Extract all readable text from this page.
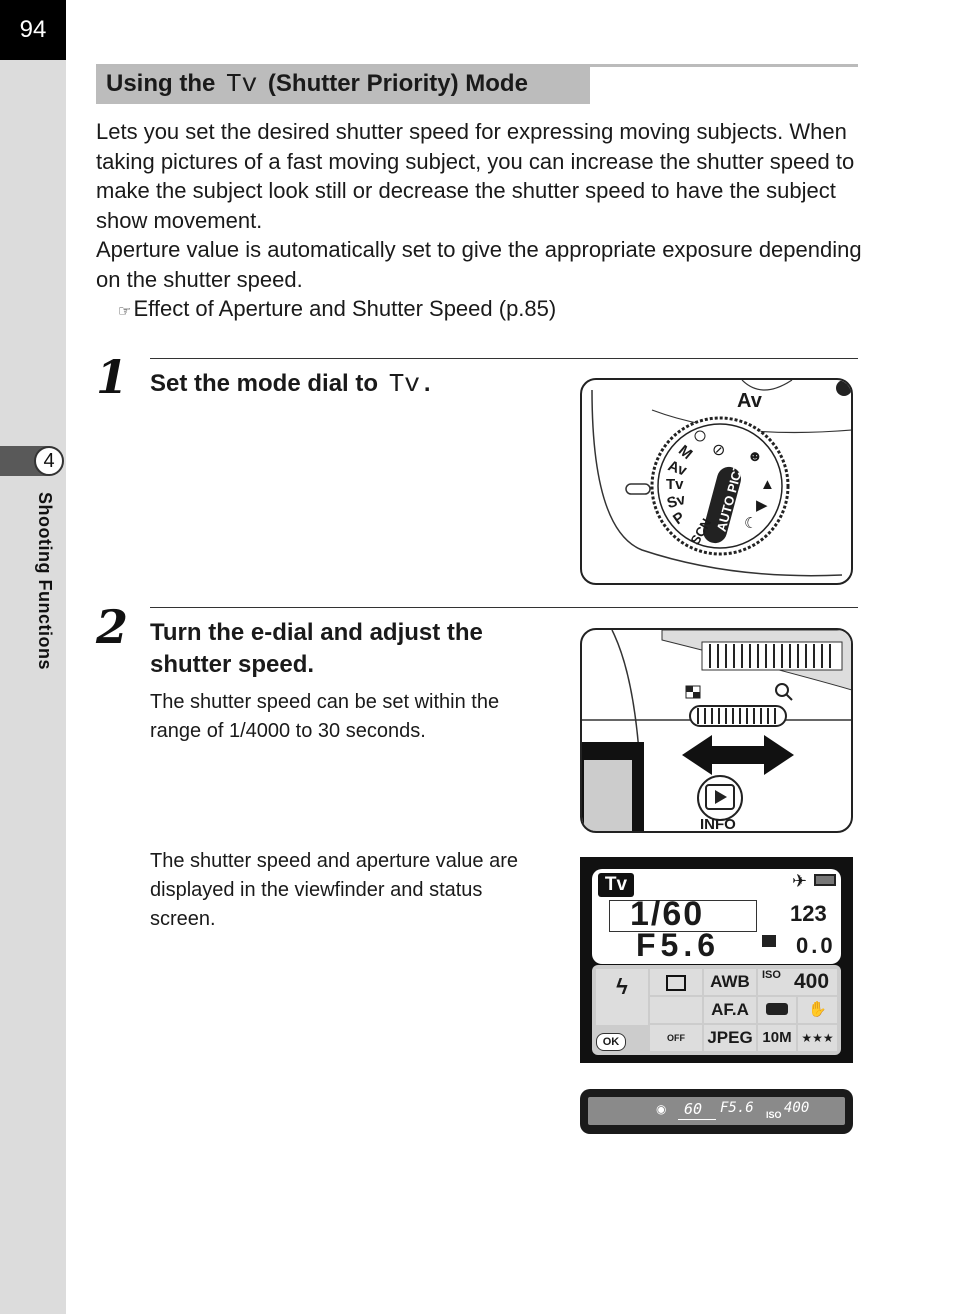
94
4
Shooting Functions
Using the Tv (Shutter Priority) Mode

Lets you set the desired shutter speed for expressing moving subjects. When taking pictures of a fast moving subject, you can increase the shutter speed to make the subject look still or decrease the shutter speed to have the subject show movement.

Aperture value is automatically set to give the appropriate exposure depending on the shutter speed.

☞Effect of Aperture and Shutter Speed (p.85)

1 Set the mode dial to Tv .
Av
M
Av
Tv
Sv
P SCN AUTO PICT
⊘ ☻
▲
▶
☾
2 Turn the e-dial and adjust the shutter speed.

The shutter speed can be set within the range of 1/4000 to 30 seconds.

The shutter speed and aperture value are displayed in the viewfinder and status screen.

INFO
Tv	✈
1/60
F5.6
123
0.0
ϟ	AWB	ISO 400
AF.A	✋
OFF	JPEG 10M ★★★
OK
◉ 60 F5.6 ISO 400
